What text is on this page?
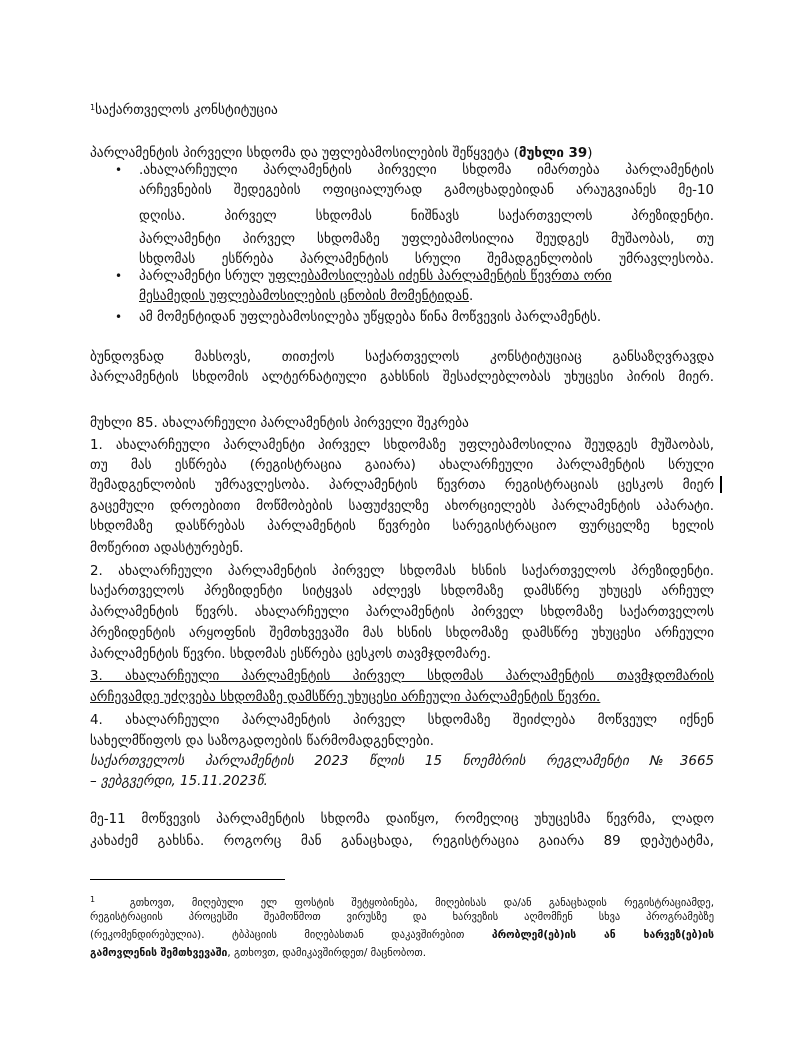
$^1$საქართველოს კონსტიტუცია
პარლამენტის პირველი სხდომა და უფლებამოსილების შეწყვეტა (მუხლი 39)
• .ახალარჩეული პარლამენტის პირველი სხდომა იმართება პარლამენტის
არჩევნების შედეგების ოფიციალურად გამოცხადებიდან არაუგვიანეს მე-10
დღისა. პირველ სხდომას ნიშნავს საქართველოს პრეზიდენტი.
პარლამენტი პირველ სხდომაზე უფლებამოსილია შეუდგეს მუშაობას, თუ
სხდომას ესწრება პარლამენტის სრული შემადგენლობის უმრავლესობა.
• პარლამენტი სრულ უფლებამოსილებას იძენს პარლამენტის წევრთა ორი
მესამედის უფლებამოსილების ცნობის მომენტიდან.
• ამ მომენტიდან უფლებამოსილება უწყდება წინა მოწვევის პარლამენტს.
ბუნდოვნად მახსოვს, თითქოს საქართველოს კონსტიტუციაც განსაზღვრავდა
პარლამენტის სხდომის ალტერნატიული გახსნის შესაძლებლობას უხუცესი პირის მიერ.
მუხლი 85. ახალარჩეული პარლამენტის პირველი შეკრება
1. ახალარჩეული პარლამენტი პირველ სხდომაზე უფლებამოსილია შეუდგეს მუშაობას,
თუ მას ესწრება (რეგისტრაცია გაიარა) ახალარჩეული პარლამენტის სრული
შემადგენლობის უმრავლესობა. პარლამენტის წევრთა რეგისტრაციას ცესკოს მიერ
გაცემული დროებითი მოწმობების საფუძველზე ახორციელებს პარლამენტის აპარატი.
სხდომაზე დასწრებას პარლამენტის წევრები სარეგისტრაციო ფურცელზე ხელის
მოწერით ადასტურებენ.
2. ახალარჩეული პარლამენტის პირველ სხდომას ხსნის საქართველოს პრეზიდენტი.
საქართველოს პრეზიდენტი სიტყვას აძლევს სხდომაზე დამსწრე უხუცეს არჩეულ
პარლამენტის წევრს. ახალარჩეული პარლამენტის პირველ სხდომაზე საქართველოს
პრეზიდენტის არყოფნის შემთხვევაში მას ხსნის სხდომაზე დამსწრე უხუცესი არჩეული
პარლამენტის წევრი. სხდომას ესწრება ცესკოს თავმჯდომარე.
3. ახალარჩეული პარლამენტის პირველ სხდომას პარლამენტის თავმჯდომარის
არჩევამდე უძღვება სხდომაზე დამსწრე უხუცესი არჩეული პარლამენტის წევრი.
4. ახალარჩეული პარლამენტის პირველ სხდომაზე შეიძლება მოწვეულ იქნენ
სახელმწიფოს და საზოგადოების წარმომადგენლები.
საქართველოს პარლამენტის 2023 წლის 15 ნოემბრის რეგლამენტი №3665
– ვებგვერდი, 15.11.2023წ.
მე-11 მოწვევის პარლამენტის სხდომა დაიწყო, რომელიც უხუცესმა წევრმა, ლადო
კახაძემ გახსნა. როგორც მან განაცხადა, რეგისტრაცია გაიარა 89 დეპუტატმა,
$^1$	გთხოვთ, მიღებული ელ ფოსტის შეტყობინება, მიღებისას და/ან განაცხადის რეგისტრაციამდე,
რეგისტრაციის პროცესში შეამოწმოთ ვირუსზე და ხარვეზის აღმომჩენ სხვა პროგრამებზე
(რეკომენდირებულია). ტბპაციის მიღებასთან დაკავშირებით პრობლემ(ებ)ის ან ხარვეზ(ებ)ის
გამოვლენის შემთხვევაში, გთხოვთ, დამიკავშირდეთ/ მაცნობოთ.
